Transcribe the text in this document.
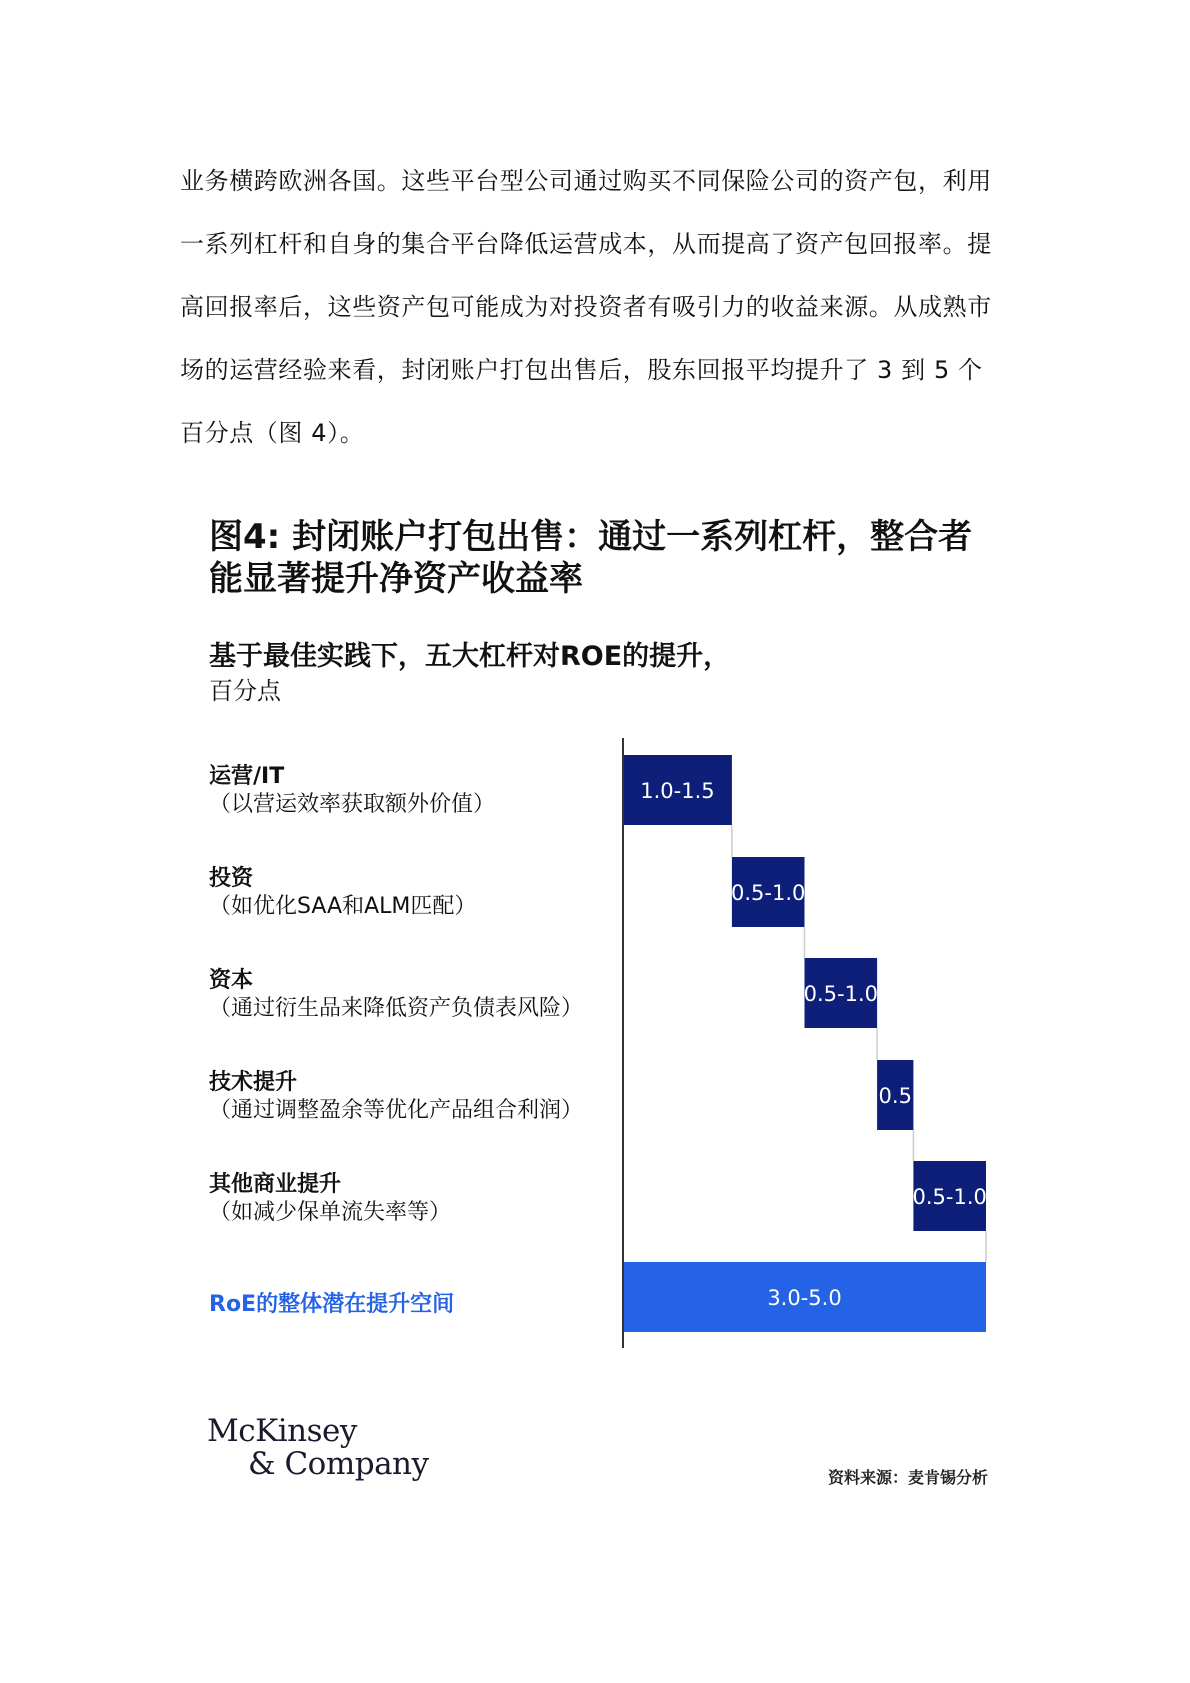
业务横跨欧洲各国。这些平台型公司通过购买不同保险公司的资产包，利用

一系列杠杆和自身的集合平台降低运营成本，从而提高了资产包回报率。提

高回报率后，这些资产包可能成为对投资者有吸引力的收益来源。从成熟市

场的运营经验来看，封闭账户打包出售后，股东回报平均提升了 3 到 5 个

百分点（图 4）。

图4: 封闭账户打包出售：通过一系列杠杆，整合者
能显著提升净资产收益率
基于最佳实践下，五大杠杆对ROE的提升，
百分点
运营/IT
（以营运效率获取额外价值）
投资
（如优化SAA和ALM匹配）
资本
（通过衍生品来降低资产负债表风险）
技术提升
（通过调整盈余等优化产品组合利润）
其他商业提升
（如减少保单流失率等）
RoE的整体潜在提升空间
1.0-1.5
0.5-1.0
0.5-1.0
0.5
0.5-1.0
3.0-5.0
McKinsey
& Company	资料来源：麦肯锡分析
